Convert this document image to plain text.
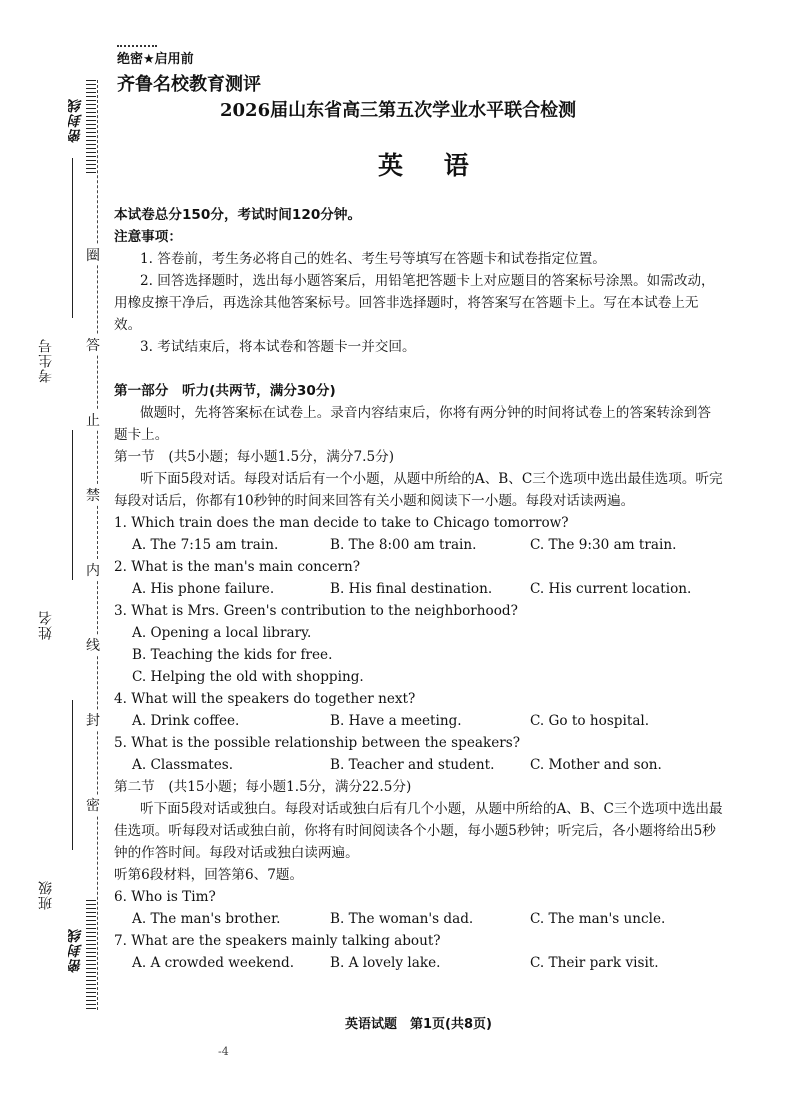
密封线
密封线
考生号
姓名
班级
圈
答
止
禁
内
线
封
密
绝密★启用前
齐鲁名校教育测评
2026届山东省高三第五次学业水平联合检测
英 语

本试卷总分150分，考试时间120分钟。

注意事项：

1. 答卷前，考生务必将自己的姓名、考生号等填写在答题卡和试卷指定位置。

2. 回答选择题时，选出每小题答案后，用铅笔把答题卡上对应题目的答案标号涂黑。如需改动，用橡皮擦干净后，再选涂其他答案标号。回答非选择题时，将答案写在答题卡上。写在本试卷上无效。

3. 考试结束后，将本试卷和答题卡一并交回。

第一部分　听力(共两节，满分30分)

做题时，先将答案标在试卷上。录音内容结束后，你将有两分钟的时间将试卷上的答案转涂到答题卡上。

第一节　(共5小题；每小题1.5分，满分7.5分)

听下面5段对话。每段对话后有一个小题，从题中所给的A、B、C三个选项中选出最佳选项。听完每段对话后，你都有10秒钟的时间来回答有关小题和阅读下一小题。每段对话读两遍。

1. Which train does the man decide to take to Chicago tomorrow?

A. The 7:15 am train.	B. The 8:00 am train.	C. The 9:30 am train.

2. What is the man's main concern?

A. His phone failure.	B. His final destination.	C. His current location.

3. What is Mrs. Green's contribution to the neighborhood?

A. Opening a local library.

B. Teaching the kids for free.

C. Helping the old with shopping.

4. What will the speakers do together next?

A. Drink coffee.	B. Have a meeting.	C. Go to hospital.

5. What is the possible relationship between the speakers?

A. Classmates.	B. Teacher and student.	C. Mother and son.

第二节　(共15小题；每小题1.5分，满分22.5分)

听下面5段对话或独白。每段对话或独白后有几个小题，从题中所给的A、B、C三个选项中选出最佳选项。听每段对话或独白前，你将有时间阅读各个小题，每小题5秒钟；听完后，各小题将给出5秒钟的作答时间。每段对话或独白读两遍。

听第6段材料，回答第6、7题。

6. Who is Tim?

A. The man's brother.	B. The woman's dad.	C. The man's uncle.

7. What are the speakers mainly talking about?

A. A crowded weekend.	B. A lovely lake.	C. Their park visit.
英语试题　第1页(共8页)
-4
